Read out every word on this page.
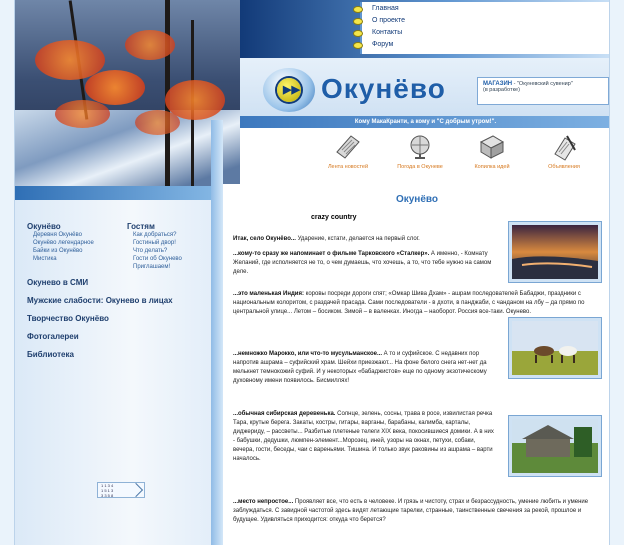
Главная
О проекте
Контакты
Форум
▶▶ Окунёво	МАГАЗИН - "Окуневский сувенир"
(в разработке)
Кому МакаКранти, а кому и "С добрым утром!".
Лента новостей	Погода в Окуневе	Копилка идей	Объявления
Окунёво
Деревня Окунёво
Окунёво легендарное
Байки из Окунёво
Мистика
Гостям
Как добраться?
Гостиный двор!
Что делать?
Гости об Окунево
Приглашаем!
Окунево в СМИ
Мужские слабости: Окунево в лицах
Творчество Окунёво
Фотогалереи
Библиотека
1 1 3 4
1 5 1 3
3 3 5 8
Окунёво
crazy country

Итак, село Окунёво... Ударение, кстати, делается на первый слог.

...кому-то сразу же напоминает о фильме Тарковского «Сталкер». А именно, - Комнату Желаний, где исполняется не то, о чем думаешь, что хочешь, а то, что тебе нужно на самом деле.

...это маленькая Индия: коровы посреди дороги спят; «Омкар Шива Дхам» - ашрам последователей Бабаджи, праздники с национальным колоритом, с раздачей прасада. Сами последователи - в дхоти, в панджаби, с чанданом на лбу – да прямо по центральной улице... Летом – босиком. Зимой – в валенках. Иногда – наоборот. Россия все-таки. Окунево.

...немножко Марокко, или что-то мусульманское... А то и суфийское. С недавних пор напротив ашрама – суфийский храм. Шейхи приезжают... На фоне белого снега нет-нет да мелькнет темнокожий суфий. И у некоторых «бабаджистов» еще по одному экзотическому духовному имени появилось. Бисмиллях!

...обычная сибирская деревенька. Солнце, зелень, сосны, трава в росе, извилистая речка Тара, крутые берега. Закаты, костры, гитары, варганы, барабаны, калимба, карталы, диджериду, – рассветы... Разбитые плетеные телеги XIX века, покосившиеся домики. А в них - бабушки, дедушки, люмпен-элемент...Морозец, иней, узоры на окнах, петухи, собаки, вечера, гости, беседы, чаи с вареньями. Тишина. И только звук раковины из ашрама – варти началось.

...место непростое... Проявляет все, что есть в человеке. И грязь и чистоту, страх и безрассудность, умение любить и умение заблуждаться. С завидной частотой здесь видят летающие тарелки, странные, таинственные свечения за рекой, прошлое и будущее. Удивляться приходится: откуда что берется?
